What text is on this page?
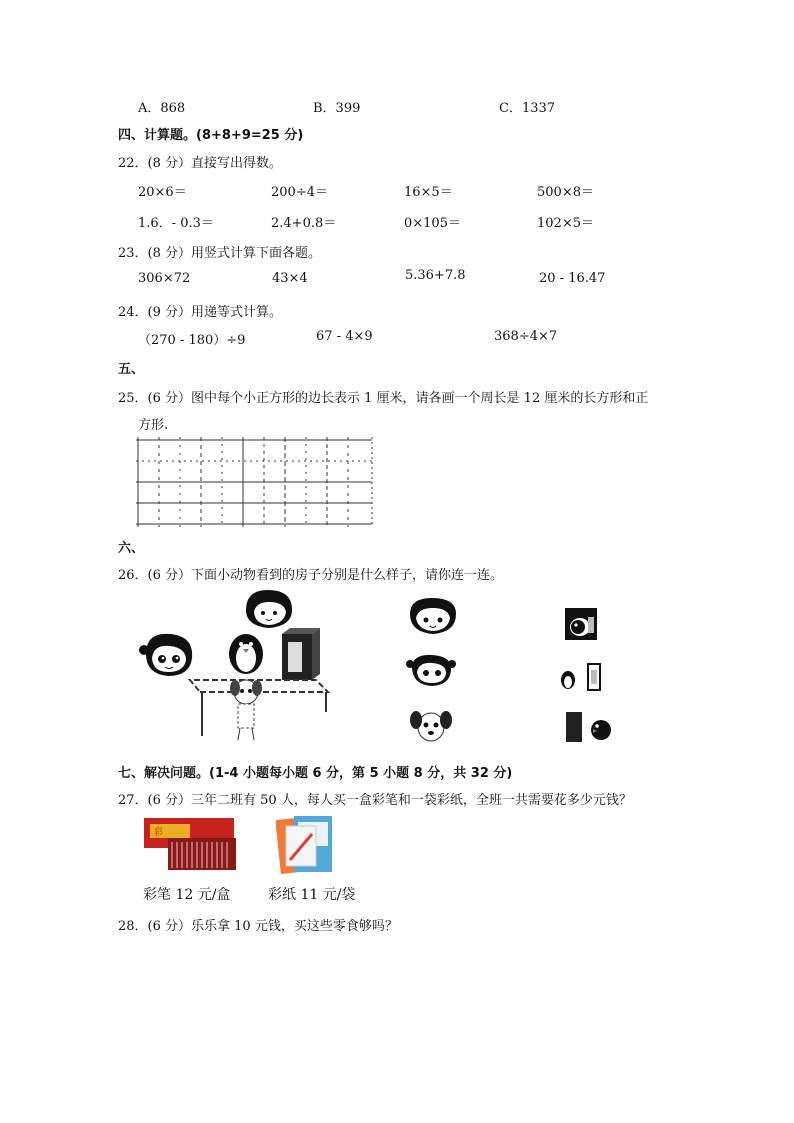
A．868	B．399	C．1337
四、计算题。(8+8+9=25 分)
22．(8 分）直接写出得数。
20×6＝	200÷4＝	16×5＝	500×8＝
1.6．- 0.3＝	2.4+0.8＝	0×105＝	102×5＝
23．(8 分）用竖式计算下面各题。
306×72	43×4	5.36+7.8	20 - 16.47
24．(9 分）用递等式计算。
（270 - 180）÷9	67 - 4×9	368÷4×7
五、
25．(6 分）图中每个小正方形的边长表示 1 厘米，请各画一个周长是 12 厘米的长方形和正
方形.
六、
26．(6 分）下面小动物看到的房子分别是什么样子，请你连一连。
七、解决问题。(1-4 小题每小题 6 分，第 5 小题 8 分，共 32 分)
27．(6 分）三年二班有 50 人，每人买一盒彩笔和一袋彩纸，全班一共需要花多少元钱？
彩
彩笔 12 元/盒	彩纸 11 元/袋
28．(6 分）乐乐拿 10 元钱，买这些零食够吗？
